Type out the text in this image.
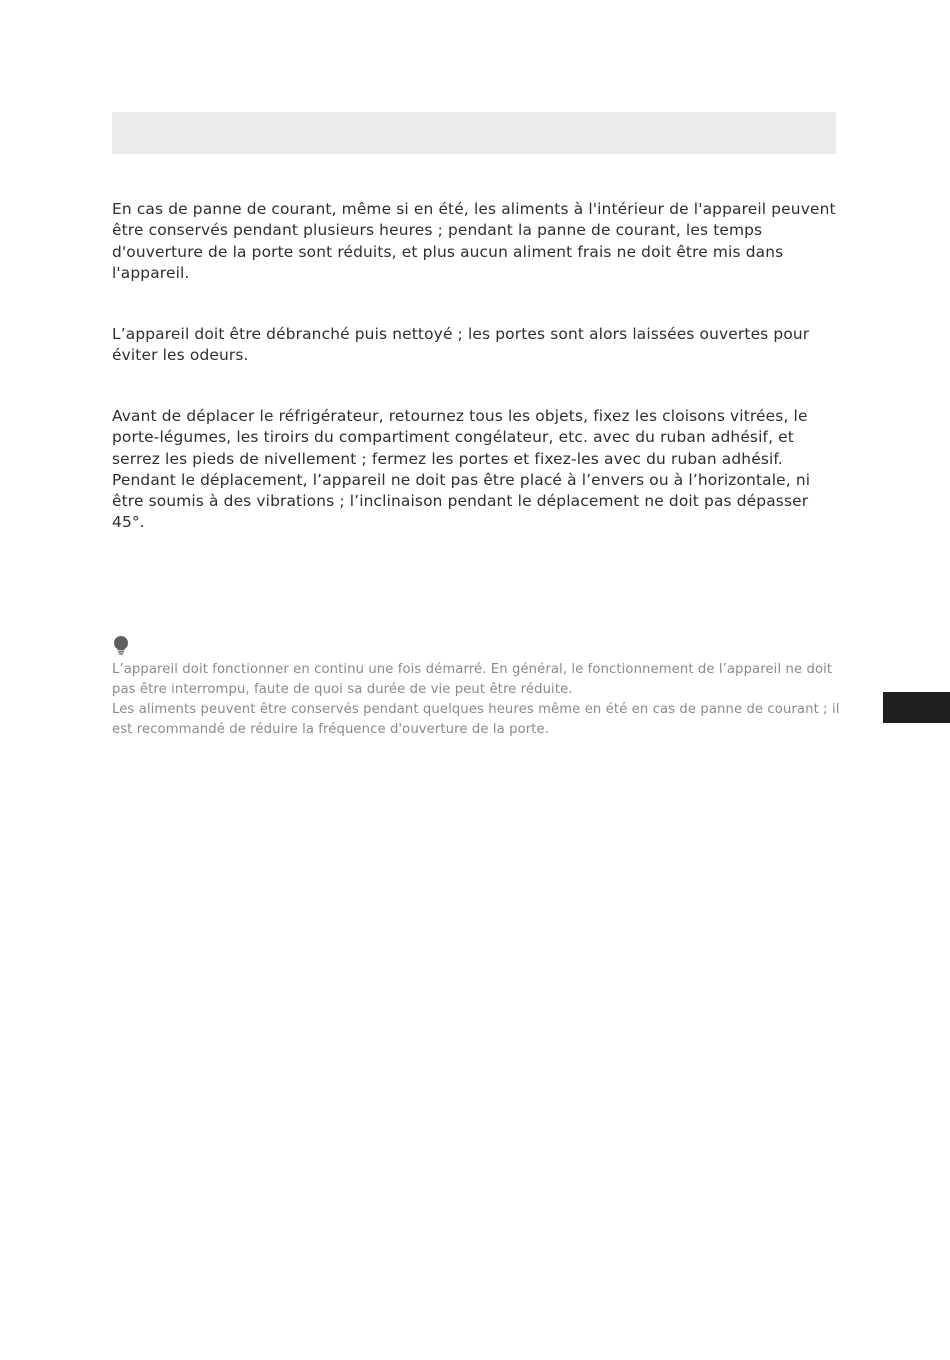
En cas de panne de courant, même si en été, les aliments à l'intérieur de l'appareil peuvent être conservés pendant plusieurs heures ; pendant la panne de courant, les temps d'ouverture de la porte sont réduits, et plus aucun aliment frais ne doit être mis dans l'appareil.

L’appareil doit être débranché puis nettoyé ; les portes sont alors laissées ouvertes pour éviter les odeurs.

Avant de déplacer le réfrigérateur, retournez tous les objets, fixez les cloisons vitrées, le porte-légumes, les tiroirs du compartiment congélateur, etc. avec du ruban adhésif, et serrez les pieds de nivellement ; fermez les portes et fixez-les avec du ruban adhésif. Pendant le déplacement, l’appareil ne doit pas être placé à l’envers ou à l’horizontale, ni être soumis à des vibrations ; l’inclinaison pendant le déplacement ne doit pas dépasser 45°.

L’appareil doit fonctionner en continu une fois démarré. En général, le fonctionnement de l’appareil ne doit pas être interrompu, faute de quoi sa durée de vie peut être réduite.

Les aliments peuvent être conservés pendant quelques heures même en été en cas de panne de courant ; il est recommandé de réduire la fréquence d'ouverture de la porte.
